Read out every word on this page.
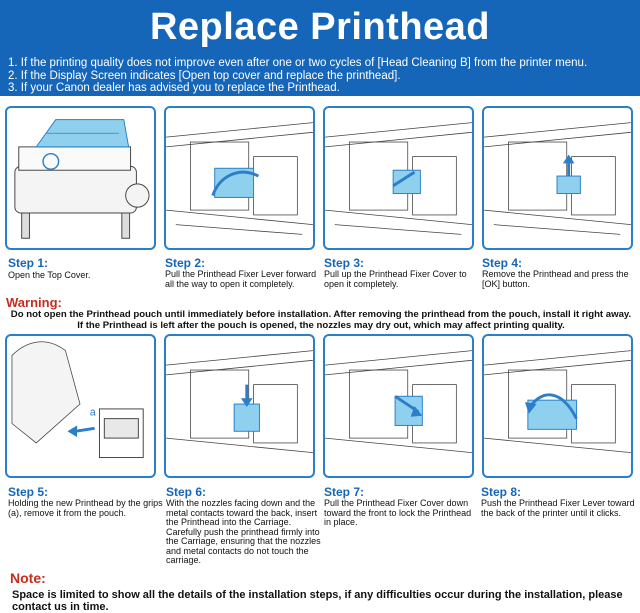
Replace Printhead
1. If the printing quality does not improve even after one or two cycles of [Head Cleaning B] from the printer menu.
2. If the Display Screen indicates [Open top cover and replace the printhead].
3. If your Canon dealer has advised you to replace the Printhead.
Step 1:
Open the Top Cover.
Step 2:
Pull the Printhead Fixer Lever forward all the way to open it completely.
Step 3:
Pull up the Printhead Fixer Cover to open it completely.
Step 4:
Remove the Printhead and press the [OK] button.
Warning:
Do not open the Printhead pouch until immediately before installation. After removing the printhead from the pouch, install it right away. If the Printhead is left after the pouch is opened, the nozzles may dry out, which may affect printing quality.
a
Step 5:
Holding the new Printhead by the grips (a), remove it from the pouch.
Step 6:
With the nozzles facing down and the metal contacts toward the back, insert the Printhead into the Carriage. Carefully push the printhead firmly into the Carriage, ensuring that the nozzles and metal contacts do not touch the carriage.
Step 7:
Pull the Printhead Fixer Cover down toward the front to lock the Printhead in place.
Step 8:
Push the Printhead Fixer Lever toward the back of the printer until it clicks.
Note:
Space is limited to show all the details of the installation steps, if any difficulties occur during the installation, please contact us in time.
